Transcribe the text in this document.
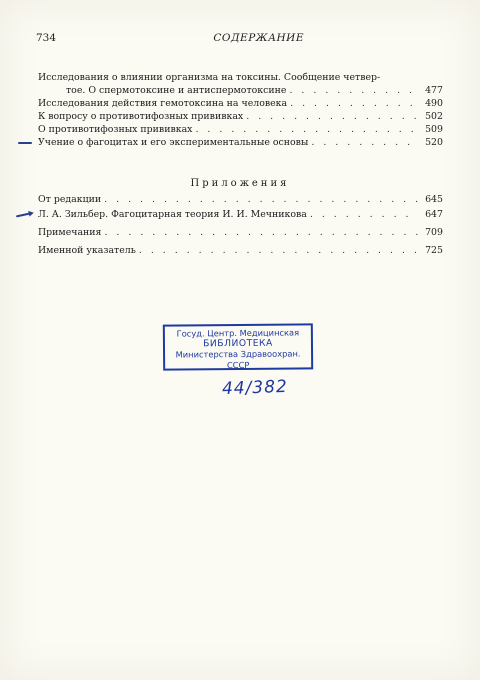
734	СОДЕРЖАНИЕ
Исследования о влиянии организма на токсины. Сообщение четвер-
тое. О спермотоксине и антиспермотоксине . . .	477
Исследования действия гемотоксина на человека . . .	490
К вопросу о противотифозных прививках . . .	502
О противотифозных прививках . . .	509
Учение о фагоцитах и его экспериментальные основы . . .	520
Приложения
От редакции . . .	645
Л. А. Зильбер. Фагоцитарная теория И. И. Мечникова . . .	647
Примечания . . .	709
Именной указатель . . .	725
Госуд. Центр. Медицинская
БИБЛИОТЕКА
Министерства Здравоохран.
СССР
44/382
